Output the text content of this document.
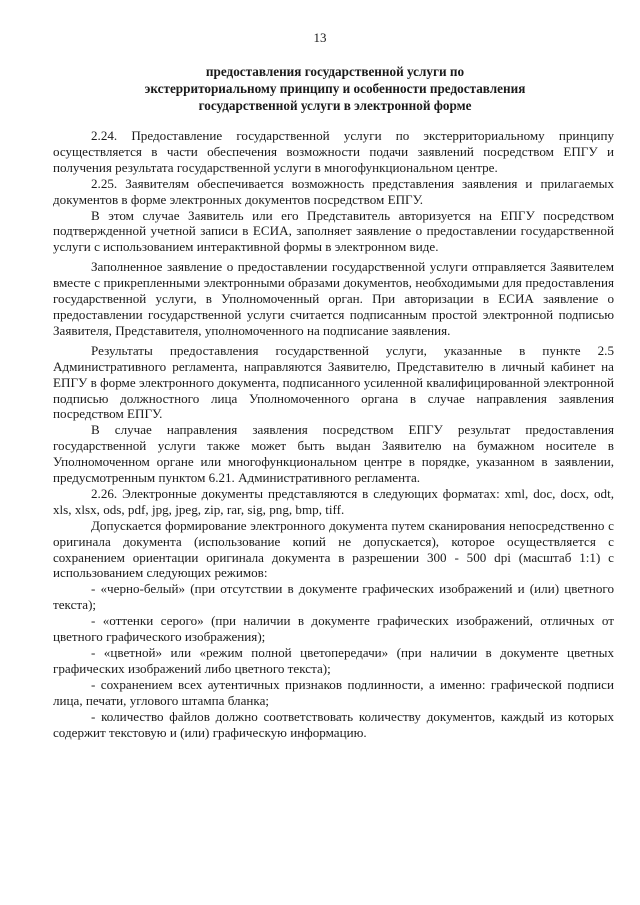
13
предоставления государственной услуги по
экстерриториальному принципу и особенности предоставления
государственной услуги в электронной форме

2.24. Предоставление государственной услуги по экстерриториальному принципу осуществляется в части обеспечения возможности подачи заявлений посредством ЕПГУ и получения результата государственной услуги в многофункциональном центре.

2.25. Заявителям обеспечивается возможность представления заявления и прилагаемых документов в форме электронных документов посредством ЕПГУ.

В этом случае Заявитель или его Представитель авторизуется на ЕПГУ посредством подтвержденной учетной записи в ЕСИА, заполняет заявление о предоставлении государственной услуги с использованием интерактивной формы в электронном виде.

Заполненное заявление о предоставлении государственной услуги отправляется Заявителем вместе с прикрепленными электронными образами документов, необходимыми для предоставления государственной услуги, в Уполномоченный орган. При авторизации в ЕСИА заявление о предоставлении государственной услуги считается подписанным простой электронной подписью Заявителя, Представителя, уполномоченного на подписание заявления.

Результаты предоставления государственной услуги, указанные в пункте 2.5 Административного регламента, направляются Заявителю, Представителю в личный кабинет на ЕПГУ в форме электронного документа, подписанного усиленной квалифицированной электронной подписью должностного лица Уполномоченного органа в случае направления заявления посредством ЕПГУ.

В случае направления заявления посредством ЕПГУ результат предоставления государственной услуги также может быть выдан Заявителю на бумажном носителе в Уполномоченном органе или многофункциональном центре в порядке, указанном в заявлении, предусмотренным пунктом 6.21. Административного регламента.

2.26. Электронные документы представляются в следующих форматах: xml, doc, docx, odt, xls, xlsx, ods, pdf, jpg, jpeg, zip, rar, sig, png, bmp, tiff.

Допускается формирование электронного документа путем сканирования непосредственно с оригинала документа (использование копий не допускается), которое осуществляется с сохранением ориентации оригинала документа в разрешении 300 - 500 dpi (масштаб 1:1) с использованием следующих режимов:

- «черно-белый» (при отсутствии в документе графических изображений и (или) цветного текста);

- «оттенки серого» (при наличии в документе графических изображений, отличных от цветного графического изображения);

- «цветной» или «режим полной цветопередачи» (при наличии в документе цветных графических изображений либо цветного текста);

- сохранением всех аутентичных признаков подлинности, а именно: графической подписи лица, печати, углового штампа бланка;

- количество файлов должно соответствовать количеству документов, каждый из которых содержит текстовую и (или) графическую информацию.
